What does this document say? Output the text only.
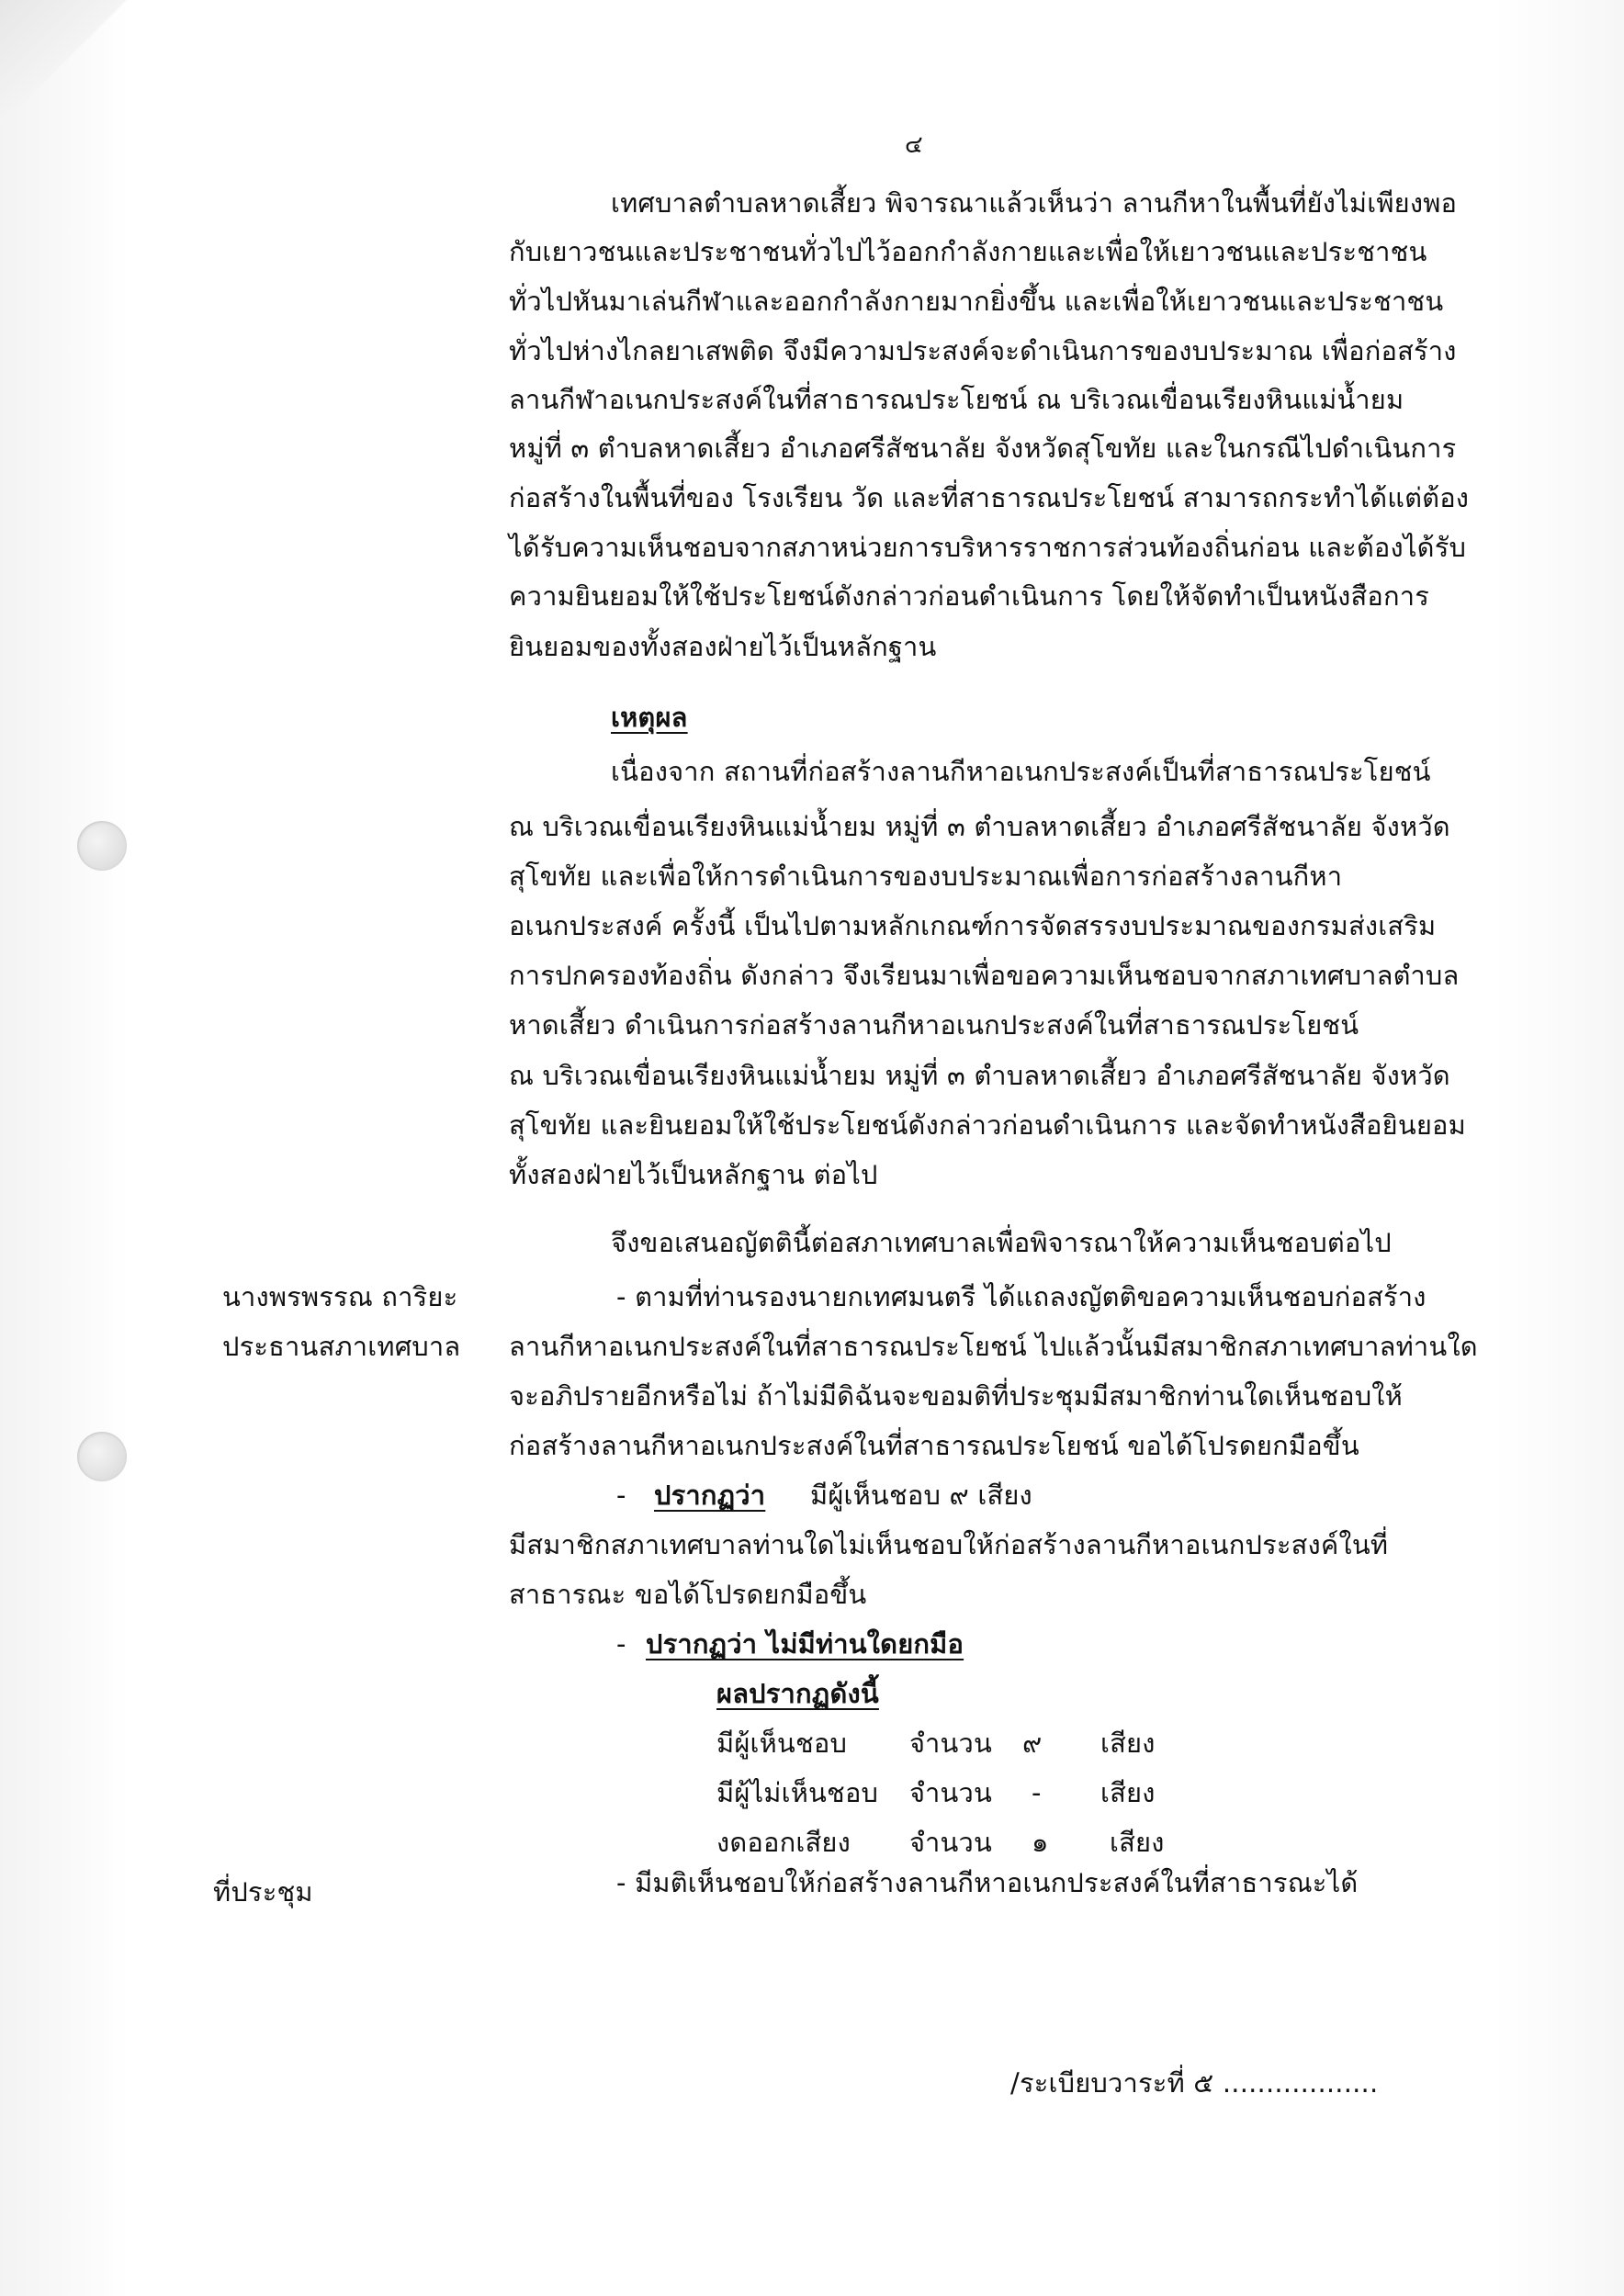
๔
เทศบาลตำบลหาดเสี้ยว พิจารณาแล้วเห็นว่า ลานกีหาในพื้นที่ยังไม่เพียงพอ
กับเยาวชนและประชาชนทั่วไปไว้ออกกำลังกายและเพื่อให้เยาวชนและประชาชน
ทั่วไปหันมาเล่นกีฬาและออกกำลังกายมากยิ่งขึ้น และเพื่อให้เยาวชนและประชาชน
ทั่วไปห่างไกลยาเสพติด จึงมีความประสงค์จะดำเนินการของบประมาณ เพื่อก่อสร้าง
ลานกีฬาอเนกประสงค์ในที่สาธารณประโยชน์ ณ บริเวณเขื่อนเรียงหินแม่น้ำยม
หมู่ที่ ๓ ตำบลหาดเสี้ยว อำเภอศรีสัชนาลัย จังหวัดสุโขทัย และในกรณีไปดำเนินการ
ก่อสร้างในพื้นที่ของ โรงเรียน วัด และที่สาธารณประโยชน์ สามารถกระทำได้แต่ต้อง
ได้รับความเห็นชอบจากสภาหน่วยการบริหารราชการส่วนท้องถิ่นก่อน และต้องได้รับ
ความยินยอมให้ใช้ประโยชน์ดังกล่าวก่อนดำเนินการ โดยให้จัดทำเป็นหนังสือการ
ยินยอมของทั้งสองฝ่ายไว้เป็นหลักฐาน
เหตุผล
เนื่องจาก สถานที่ก่อสร้างลานกีหาอเนกประสงค์เป็นที่สาธารณประโยชน์
ณ บริเวณเขื่อนเรียงหินแม่น้ำยม หมู่ที่ ๓ ตำบลหาดเสี้ยว อำเภอศรีสัชนาลัย จังหวัด
สุโขทัย และเพื่อให้การดำเนินการของบประมาณเพื่อการก่อสร้างลานกีหา
อเนกประสงค์ ครั้งนี้ เป็นไปตามหลักเกณฑ์การจัดสรรงบประมาณของกรมส่งเสริม
การปกครองท้องถิ่น ดังกล่าว จึงเรียนมาเพื่อขอความเห็นชอบจากสภาเทศบาลตำบล
หาดเสี้ยว ดำเนินการก่อสร้างลานกีหาอเนกประสงค์ในที่สาธารณประโยชน์
ณ บริเวณเขื่อนเรียงหินแม่น้ำยม หมู่ที่ ๓ ตำบลหาดเสี้ยว อำเภอศรีสัชนาลัย จังหวัด
สุโขทัย และยินยอมให้ใช้ประโยชน์ดังกล่าวก่อนดำเนินการ และจัดทำหนังสือยินยอม
ทั้งสองฝ่ายไว้เป็นหลักฐาน ต่อไป
จึงขอเสนอญัตตินี้ต่อสภาเทศบาลเพื่อพิจารณาให้ความเห็นชอบต่อไป
นางพรพรรณ ถาริยะ
ประธานสภาเทศบาล
- ตามที่ท่านรองนายกเทศมนตรี ได้แถลงญัตติขอความเห็นชอบก่อสร้าง
ลานกีหาอเนกประสงค์ในที่สาธารณประโยชน์ ไปแล้วนั้นมีสมาชิกสภาเทศบาลท่านใด
จะอภิปรายอีกหรือไม่ ถ้าไม่มีดิฉันจะขอมติที่ประชุมมีสมาชิกท่านใดเห็นชอบให้
ก่อสร้างลานกีหาอเนกประสงค์ในที่สาธารณประโยชน์ ขอได้โปรดยกมือขึ้น
- ปรากฏว่า มีผู้เห็นชอบ ๙ เสียง
มีสมาชิกสภาเทศบาลท่านใดไม่เห็นชอบให้ก่อสร้างลานกีหาอเนกประสงค์ในที่
สาธารณะ ขอได้โปรดยกมือขึ้น
- ปรากฏว่า ไม่มีท่านใดยกมือ
ผลปรากฏดังนี้
มีผู้เห็นชอบ จำนวน ๙ เสียง
มีผู้ไม่เห็นชอบ จำนวน - เสียง
งดออกเสียง จำนวน ๑ เสียง
ที่ประชุม	- มีมติเห็นชอบให้ก่อสร้างลานกีหาอเนกประสงค์ในที่สาธารณะได้
/ระเบียบวาระที่ ๕ ..................
